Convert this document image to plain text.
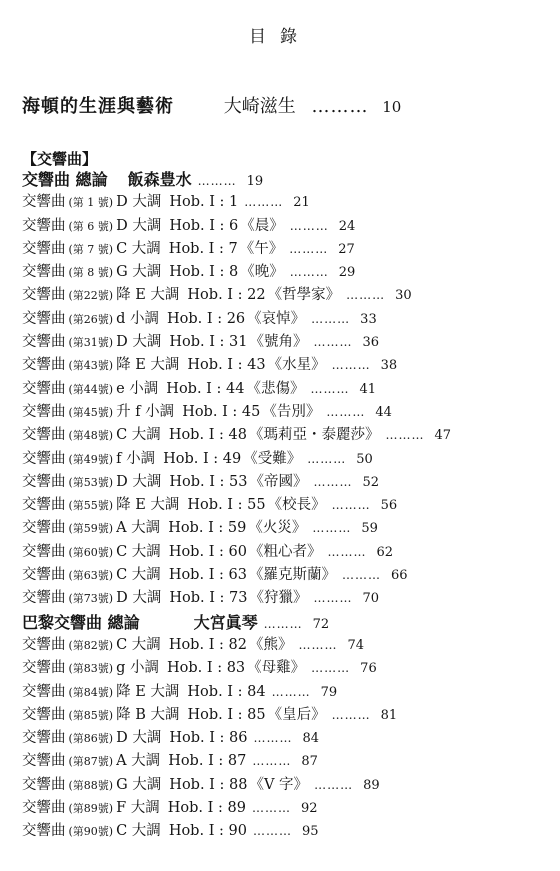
目錄
海頓的生涯與藝術	大崎滋生 ……… 10
【交響曲】
交響曲 總論 飯森豊水 ……… 19
交響曲 (第 1 號) D 大調 Hob. I : 1 ……… 21
交響曲 (第 6 號) D 大調 Hob. I : 6 《晨》 ……… 24
交響曲 (第 7 號) C 大調 Hob. I : 7 《午》 ……… 27
交響曲 (第 8 號) G 大調 Hob. I : 8 《晚》 ……… 29
交響曲 (第22號) 降 E 大調 Hob. I : 22 《哲學家》 ……… 30
交響曲 (第26號) d 小調 Hob. I : 26 《哀悼》 ……… 33
交響曲 (第31號) D 大調 Hob. I : 31 《號角》 ……… 36
交響曲 (第43號) 降 E 大調 Hob. I : 43 《水星》 ……… 38
交響曲 (第44號) e 小調 Hob. I : 44 《悲傷》 ……… 41
交響曲 (第45號) 升 f 小調 Hob. I : 45 《告別》 ……… 44
交響曲 (第48號) C 大調 Hob. I : 48 《瑪莉亞・泰麗莎》 ……… 47
交響曲 (第49號) f 小調 Hob. I : 49 《受難》 ……… 50
交響曲 (第53號) D 大調 Hob. I : 53 《帝國》 ……… 52
交響曲 (第55號) 降 E 大調 Hob. I : 55 《校長》 ……… 56
交響曲 (第59號) A 大調 Hob. I : 59 《火災》 ……… 59
交響曲 (第60號) C 大調 Hob. I : 60 《粗心者》 ……… 62
交響曲 (第63號) C 大調 Hob. I : 63 《羅克斯蘭》 ……… 66
交響曲 (第73號) D 大調 Hob. I : 73 《狩獵》 ……… 70
巴黎交響曲 總論	大宮眞琴 ……… 72
交響曲 (第82號) C 大調 Hob. I : 82 《熊》 ……… 74
交響曲 (第83號) g 小調 Hob. I : 83 《母雞》 ……… 76
交響曲 (第84號) 降 E 大調 Hob. I : 84 ……… 79
交響曲 (第85號) 降 B 大調 Hob. I : 85 《皇后》 ……… 81
交響曲 (第86號) D 大調 Hob. I : 86 ……… 84
交響曲 (第87號) A 大調 Hob. I : 87 ……… 87
交響曲 (第88號) G 大調 Hob. I : 88 《V 字》 ……… 89
交響曲 (第89號) F 大調 Hob. I : 89 ……… 92
交響曲 (第90號) C 大調 Hob. I : 90 ……… 95
